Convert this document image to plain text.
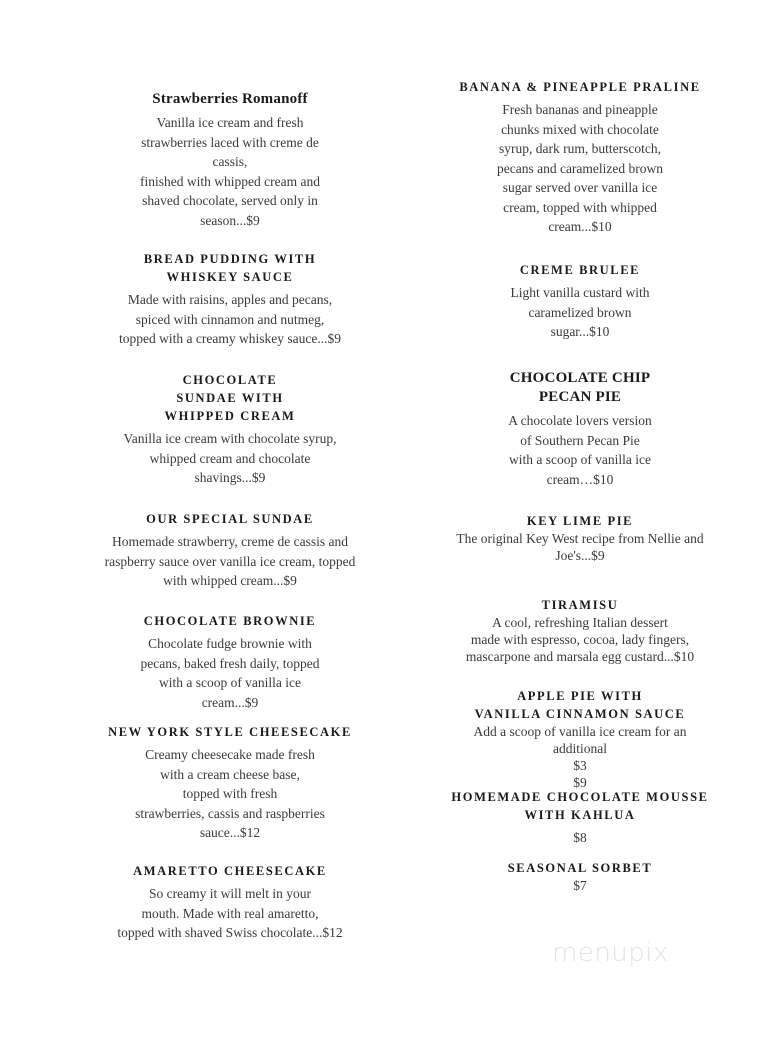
Strawberries Romanoff
Vanilla ice cream and fresh
strawberries laced with creme de
cassis,
finished with whipped cream and
shaved chocolate, served only in
season...$9
BREAD PUDDING WITH
WHISKEY SAUCE
Made with raisins, apples and pecans,
spiced with cinnamon and nutmeg,
topped with a creamy whiskey sauce...$9
CHOCOLATE
SUNDAE WITH
WHIPPED CREAM
Vanilla ice cream with chocolate syrup,
whipped cream and chocolate
shavings...$9
OUR SPECIAL SUNDAE
Homemade strawberry, creme de cassis and
raspberry sauce over vanilla ice cream, topped
with whipped cream...$9
CHOCOLATE BROWNIE
Chocolate fudge brownie with
pecans, baked fresh daily, topped
with a scoop of vanilla ice
cream...$9
NEW YORK STYLE CHEESECAKE
Creamy cheesecake made fresh
with a cream cheese base,
topped with fresh
strawberries, cassis and raspberries
sauce...$12
AMARETTO CHEESECAKE
So creamy it will melt in your
mouth. Made with real amaretto,
topped with shaved Swiss chocolate...$12
BANANA & PINEAPPLE PRALINE
Fresh bananas and pineapple
chunks mixed with chocolate
syrup, dark rum, butterscotch,
pecans and caramelized brown
sugar served over vanilla ice
cream, topped with whipped
cream...$10
CREME BRULEE
Light vanilla custard with
caramelized brown
sugar...$10
CHOCOLATE CHIP
PECAN PIE
A chocolate lovers version
of Southern Pecan Pie
with a scoop of vanilla ice
cream…$10
KEY LIME PIE
The original Key West recipe from Nellie and
Joe's...$9
TIRAMISU
A cool, refreshing Italian dessert
made with espresso, cocoa, lady fingers,
mascarpone and marsala egg custard...$10
APPLE PIE WITH
VANILLA CINNAMON SAUCE
Add a scoop of vanilla ice cream for an
additional
$3
$9
HOMEMADE CHOCOLATE MOUSSE
WITH KAHLUA
$8
SEASONAL SORBET
$7
menupix
